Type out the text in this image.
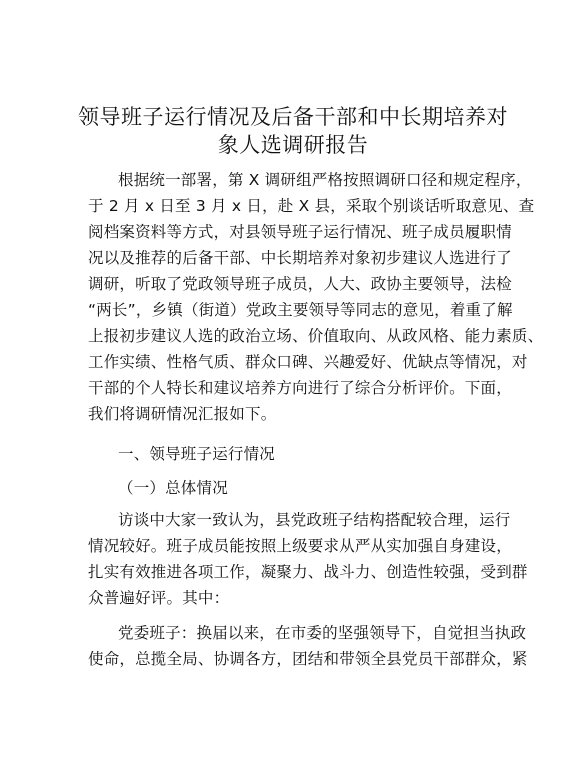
领导班子运行情况及后备干部和中长期培养对
象人选调研报告

根据统一部署，第 X 调研组严格按照调研口径和规定程序，

于 2 月 x 日至 3 月 x 日，赴 X 县，采取个别谈话听取意见、查

阅档案资料等方式，对县领导班子运行情况、班子成员履职情

况以及推荐的后备干部、中长期培养对象初步建议人选进行了

调研，听取了党政领导班子成员，人大、政协主要领导，法检

“两长”，乡镇（街道）党政主要领导等同志的意见，着重了解

上报初步建议人选的政治立场、价值取向、从政风格、能力素质、

工作实绩、性格气质、群众口碑、兴趣爱好、优缺点等情况，对

干部的个人特长和建议培养方向进行了综合分析评价。下面，

我们将调研情况汇报如下。

一、领导班子运行情况

（一）总体情况

访谈中大家一致认为，县党政班子结构搭配较合理，运行

情况较好。班子成员能按照上级要求从严从实加强自身建设，

扎实有效推进各项工作，凝聚力、战斗力、创造性较强，受到群

众普遍好评。其中：

党委班子：换届以来，在市委的坚强领导下，自觉担当执政

使命，总揽全局、协调各方，团结和带领全县党员干部群众，紧
